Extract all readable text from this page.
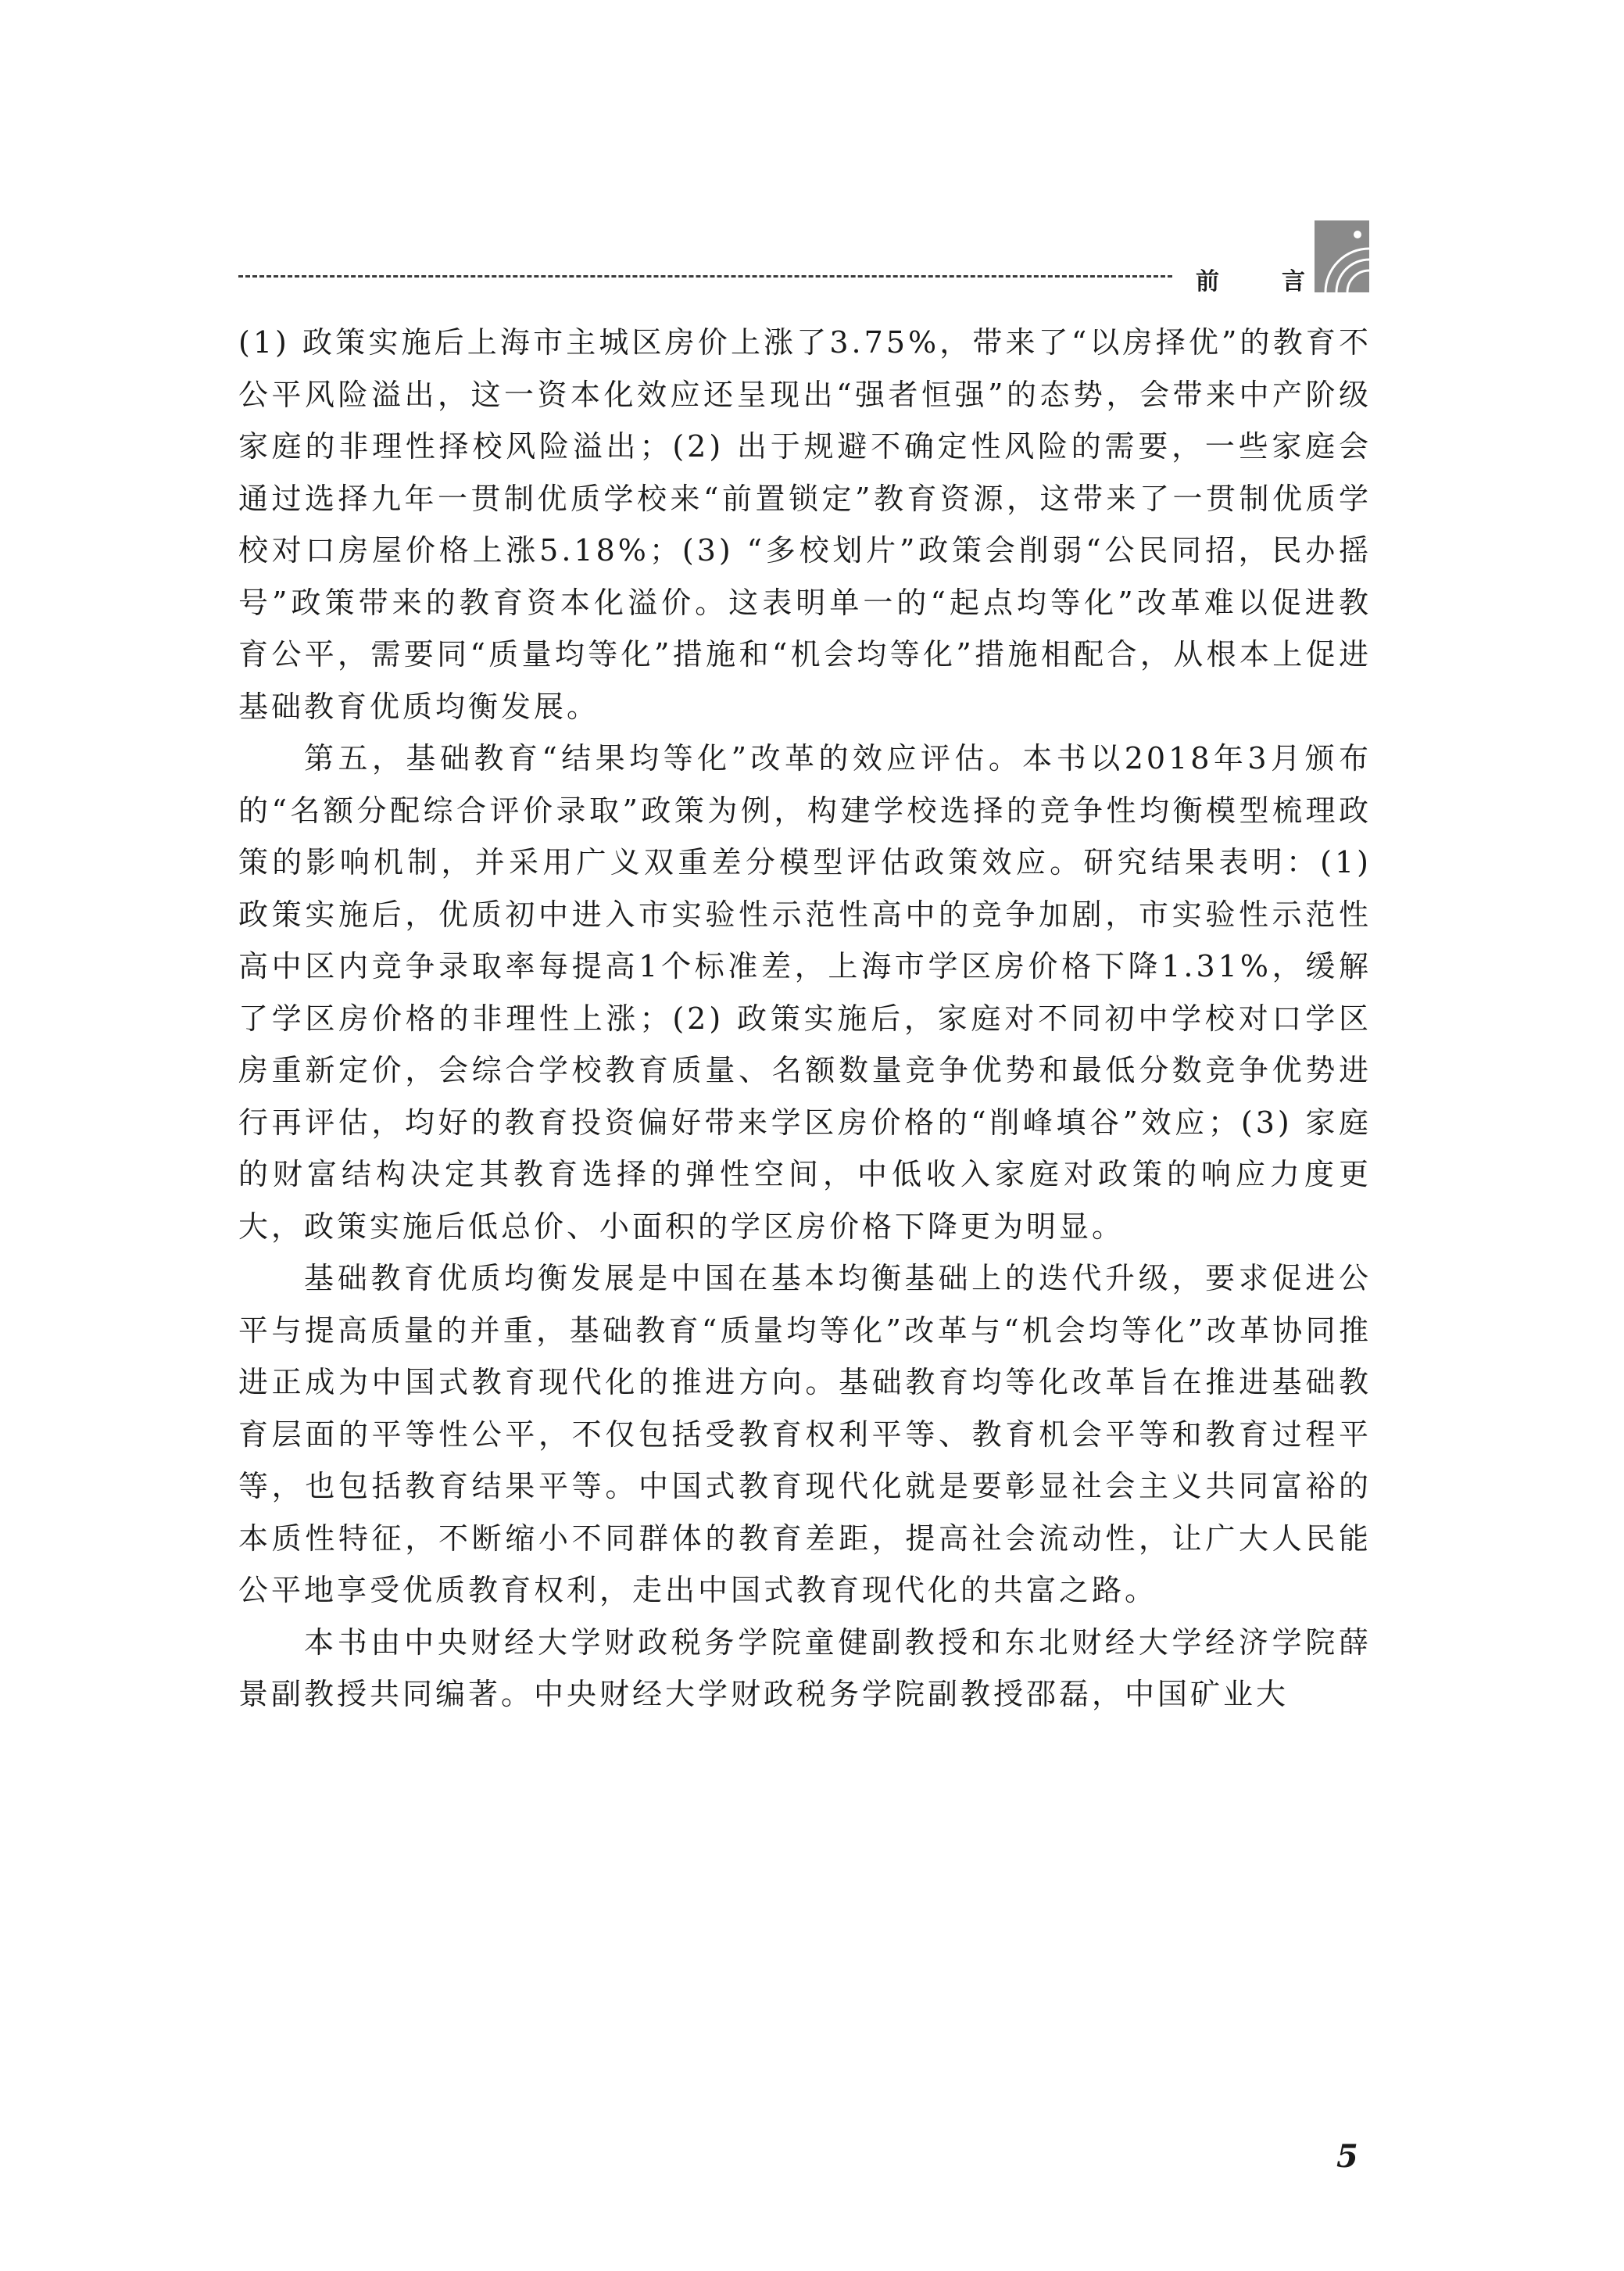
前	言

(1) 政策实施后上海市主城区房价上涨了3.75%，带来了“以房择优”的教育不公平风险溢出，这一资本化效应还呈现出“强者恒强”的态势，会带来中产阶级家庭的非理性择校风险溢出；(2) 出于规避不确定性风险的需要，一些家庭会通过选择九年一贯制优质学校来“前置锁定”教育资源，这带来了一贯制优质学校对口房屋价格上涨5.18%；(3) “多校划片”政策会削弱“公民同招，民办摇号”政策带来的教育资本化溢价。这表明单一的“起点均等化”改革难以促进教育公平，需要同“质量均等化”措施和“机会均等化”措施相配合，从根本上促进基础教育优质均衡发展。

第五，基础教育“结果均等化”改革的效应评估。本书以2018年3月颁布的“名额分配综合评价录取”政策为例，构建学校选择的竞争性均衡模型梳理政策的影响机制，并采用广义双重差分模型评估政策效应。研究结果表明：(1) 政策实施后，优质初中进入市实验性示范性高中的竞争加剧，市实验性示范性高中区内竞争录取率每提高1个标准差，上海市学区房价格下降1.31%，缓解了学区房价格的非理性上涨；(2) 政策实施后，家庭对不同初中学校对口学区房重新定价，会综合学校教育质量、名额数量竞争优势和最低分数竞争优势进行再评估，均好的教育投资偏好带来学区房价格的“削峰填谷”效应；(3) 家庭的财富结构决定其教育选择的弹性空间，中低收入家庭对政策的响应力度更大，政策实施后低总价、小面积的学区房价格下降更为明显。

基础教育优质均衡发展是中国在基本均衡基础上的迭代升级，要求促进公平与提高质量的并重，基础教育“质量均等化”改革与“机会均等化”改革协同推进正成为中国式教育现代化的推进方向。基础教育均等化改革旨在推进基础教育层面的平等性公平，不仅包括受教育权利平等、教育机会平等和教育过程平等，也包括教育结果平等。中国式教育现代化就是要彰显社会主义共同富裕的本质性特征，不断缩小不同群体的教育差距，提高社会流动性，让广大人民能公平地享受优质教育权利，走出中国式教育现代化的共富之路。

本书由中央财经大学财政税务学院童健副教授和东北财经大学经济学院薛景副教授共同编著。中央财经大学财政税务学院副教授邵磊，中国矿业大

5
